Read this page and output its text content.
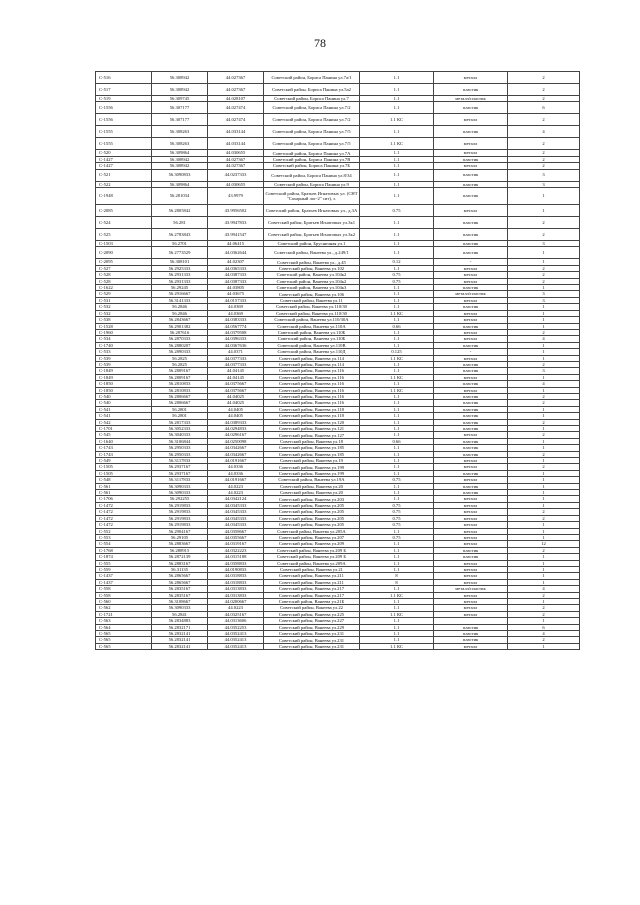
78
C-516	56.308942	44.027367	Советский район, Бориса Панина ул.7а/1	1.1	металл	2
C-517	56.308942	44.027367	Советский район, Бориса Панина ул.5а2	1.1	пластик	2
C-519	56.309745	44.028107	Советский район, Бориса Панина ул.7	1.1	металл/пластик	2
C-1556	56.307177	44.027474	Советский район, Бориса Панина ул.7/2	1.1	пластик	6
C-1556	56.307177	44.027474	Советский район, Бориса Панина ул.7/2	1.1 КС	металл	2
C-1555	56.308263	44.033144	Советский район, Бориса Панина ул.7/5	1.1	пластик	4
C-1555	56.308263	44.033144	Советский район, Бориса Панина ул.7/5	1.1 КС	металл	2
C-520	56.309864	44.030655	Советский район, Бориса Панина ул.7А	1.1	металл	2
C-1427	56.308942	44.027367	Советский район, Бориса Панина ул.7В	1.1	пластик	2
C-1427	56.308942	44.027367	Советский район, Бориса Панина ул.7Б	1.1	металл	2
C-521	56.3090833	44.0237333	Советский район, Бориса Панина ул.8/34	1.1	пластик	3
C-522	56.309864	44.030655	Советский район, Бориса Панина ул.9	1.1	пластик	3
C-1948	56.281034	43.9979	Советский район, Братьев Игнатовых ул. (СНТ "Сахарный лог-2" сит), з.	1.1	пластик	1
C-2085	56.2805842	43.9956502	Советский район, Братьев Игнатовых ул., д.3А	0.75	металл	1
C-524	56.281	43.9947833	Советский район, Братьев Игнатовых ул.3к1	1.1	пластик	2
C-525	56.2783843	43.9941547	Советский район, Братьев Игнатовых ул.3к2	1.1	пластик	2
C-1503	56.2701	44.06415	Советский район, Брусничная ул.1	1.1	пластик	3
C-2090	56.2773529	44.0362644	Советский район, Ванеева ул., д.249/1	1.1	пластик	1
C-2095	56.308101	44.02307	Советский район, Ванеева ул., д.45	0.12	-	1
C-527	56.2925333	44.0365333	Советский район, Ванеева ул.102	1.1	металл	2
C-528	56.2931333	44.0387333	Советский район, Ванеева ул.104к2	0.75	металл	2
C-528	56.2931333	44.0387333	Советский район, Ванеева ул.104к2	0.75	металл	2
C-1622	56.29245	44.03805	Советский район, Ванеева ул.104к3	1.1	пластик	1
C-529	56.2916667	44.03675	Советский район, Ванеева ул.106	1.1	металл/пластик	3
C-531	56.3141333	44.0157333	Советский район, Ванеева ул.11	1.1	металл	3
C-532	56.2846	44.0369	Советский район, Ванеева ул.110/30	1.1	пластик	1
C-532	56.2846	44.0369	Советский район, Ванеева ул.110/30	1.1 КС	металл	1
C-538	56.2843667	44.0383333	Советский район, Ванеева ул.110/30А	1.1	металл	1
C-1528	56.2901382	44.0567774	Советский район, Ванеева ул.110А	0.66	пластик	1
C-1960	56.287616	44.0379508	Советский район, Ванеева ул.110Б	1.1	металл	2
C-534	56.2870333	44.0396333	Советский район, Ванеева ул.110Б	1.1	металл	4
C-1740	56.2880207	44.0367636	Советский район, Ванеева ул.110В	1.1	пластик	1
C-533	56.2890333	44.0371	Советский район, Ванеева ул.110Д	0.125	-	1
C-539	56.2825	44.0377333	Советский район, Ванеева ул.114	1.1 КС	металл	1
C-539	56.2825	44.0377333	Советский район, Ванеева ул.114	1.1	пластик	2
C-1849	56.2809167	44.04145	Советский район, Ванеева ул.116	1.1	пластик	3
C-1849	56.2809167	44.04145	Советский район, Ванеева ул.116	1.1 КС	металл	1
C-1850	56.2810833	44.0375667	Советский район, Ванеева ул.116	1.1	пластик	4
C-1850	56.2810833	44.0375667	Советский район, Ванеева ул.116	1.1 КС	металл	1
C-540	56.2806667	44.04025	Советский район, Ванеева ул.116	1.1	пластик	2
C-540	56.2806667	44.04025	Советский район, Ванеева ул.116	1.1	пластик	2
C-541	56.2801	44.0405	Советский район, Ванеева ул.118	1.1	пластик	1
C-541	56.2801	44.0405	Советский район, Ванеева ул.118	1.1	пластик	1
C-542	56.2817333	44.0389333	Советский район, Ванеева ул.120	1.1	пластик	2
C-1701	56.3052333	44.0294833	Советский район, Ванеева ул.121	1.1	пластик	1
C-545	56.3040333	44.0296167	Советский район, Ванеева ул.127	1.1	металл	2
C-1640	56.3106844	44.0250098	Советский район, Ванеева ул.18	0.66	пластик	1
C-1743	56.2950333	44.0342667	Советский район, Ванеева ул.185	1.1	пластик	1
C-1743	56.2950333	44.0342667	Советский район, Ванеева ул.185	1.1	пластик	2
C-549	56.3117833	44.0191667	Советский район, Ванеева ул.19	1.1	металл	1
C-1505	56.2937167	44.0336	Советский район, Ванеева ул.199	1.1	металл	2
C-1505	56.2937167	44.0336	Советский район, Ванеева ул.199	1.1	пластик	1
C-548	56.3117833	44.0191667	Советский район, Ванеева ул.19А	0.75	металл	1
C-561	56.3090333	44.0223	Советский район, Ванеева ул.20	1.1	пластик	1
C-561	56.3090333	44.0223	Советский район, Ванеева ул.20	1.1	пластик	1
C-1706	56.292255	44.0342124	Советский район, Ванеева ул.203	1.1	металл	1
C-1472	56.2919833	44.0345333	Советский район, Ванеева ул.205	0.75	металл	1
C-1472	56.2919833	44.0345333	Советский район, Ванеева ул.205	0.75	металл	2
C-1472	56.2919833	44.0345333	Советский район, Ванеева ул.205	0.75	металл	2
C-1472	56.2919833	44.0345333	Советский район, Ванеева ул.205	0.75	металл	1
C-552	56.2904167	44.0358667	Советский район, Ванеева ул.205А	1.1	металл	1
C-553	56.29105	44.0355667	Советский район, Ванеева ул.207	0.75	металл	1
C-554	56.2883667	44.0319167	Советский район, Ванеева ул.209	1.1	металл	12
C-1768	56.288915	44.0322223	Советский район, Ванеева ул.209 Б	1.1	пластик	2
C-1874	56.2872139	44.0315188	Советский район, Ванеева ул.209 Б	1.1	пластик	1
C-555	56.2883167	44.0358833	Советский район, Ванеева ул.209А	1.1	металл	1
C-559	56.31135	44.0190833	Советский район, Ванеева ул.21	1.1	металл	1
C-1437	56.2865667	44.0318833	Советский район, Ванеева ул.211	8	металл	1
C-1437	56.2865667	44.0318833	Советский район, Ванеева ул.211	8	металл	1
C-558	56.2835167	44.0313833	Советский район, Ванеева ул.217	1.1	металл/пластик	4
C-558	56.2835167	44.0313833	Советский район, Ванеева ул.217	1.1 КС	металл	2
C-560	56.3108667	44.0200667	Советский район, Ванеева ул.21Б	1.1	металл	1
C-562	56.3090333	44.0223	Советский район, Ванеева ул.22	1.1	металл	2
C-1721	56.2841	44.0325167	Советский район, Ванеева ул.225	1.1 КС	металл	2
C-563	56.2834883	44.0313606	Советский район, Ванеева ул.227	1.1		1
C-564	56.2832171	44.0352253	Советский район, Ванеева ул.229	1.1	пластик	6
C-565	56.2832141	44.0352413	Советский район, Ванеева ул.231	1.1	пластик	4
C-565	56.2832141	44.0352413	Советский район, Ванеева ул.231	1.1	пластик	2
C-565	56.2832141	44.0352413	Советский район, Ванеева ул.231	1.1 КС	металл	1
